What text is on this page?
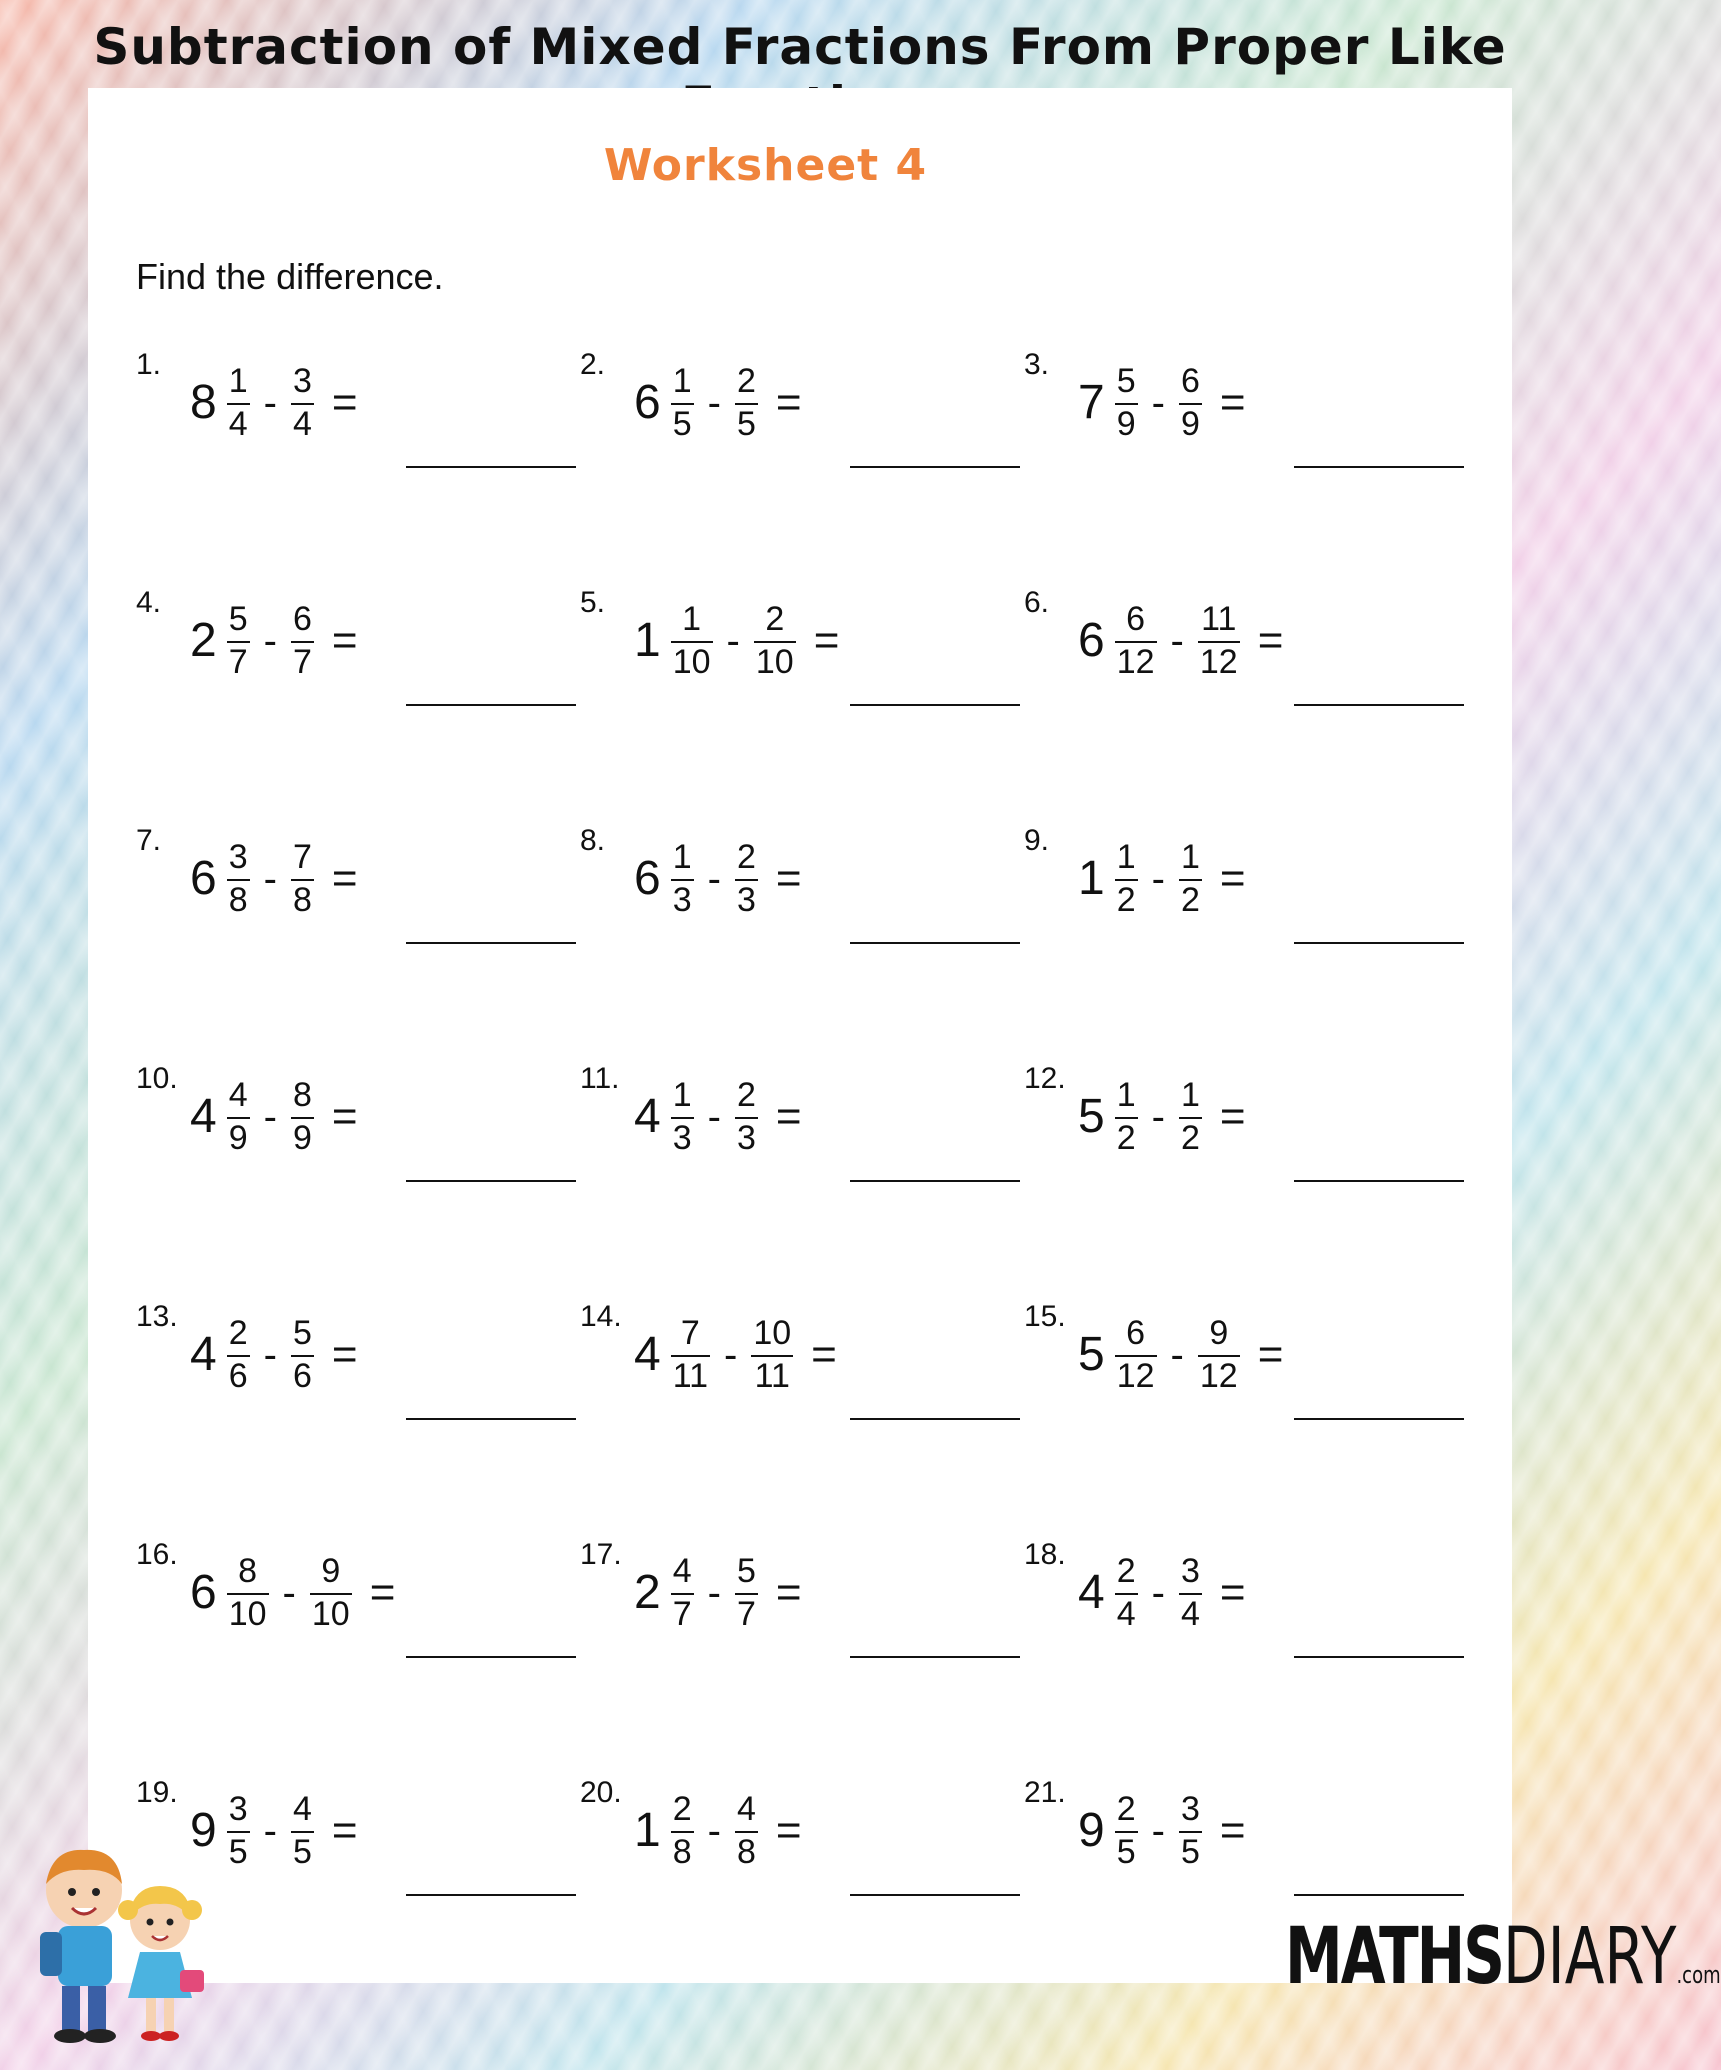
Subtraction of Mixed Fractions From Proper Like
Worksheet 4
Find the difference.
1.
$8 \frac{1}{4} - \frac{3}{4}$ =
2.
$6 \frac{1}{5} - \frac{2}{5}$ =
3.
$7 \frac{5}{9} - \frac{6}{9}$ =
4.
$2 \frac{5}{7} - \frac{6}{7}$ =
5.
$1 \frac{1}{10} - \frac{2}{10}$ =
6.
$6 \frac{6}{12} - \frac{11}{12}$ =
7.
$6 \frac{3}{8} - \frac{7}{8}$ =
8.
$6 \frac{1}{3} - \frac{2}{3}$ =
9.
$1 \frac{1}{2} - \frac{1}{2}$ =
10.
$4 \frac{4}{9} - \frac{8}{9}$ =
11.
$4 \frac{1}{3} - \frac{2}{3}$ =
12.
$5 \frac{1}{2} - \frac{1}{2}$ =
13.
$4 \frac{2}{6} - \frac{5}{6}$ =
14.
$4 \frac{7}{11} - \frac{10}{11}$ =
15.
$5 \frac{6}{12} - \frac{9}{12}$ =
16.
$6 \frac{8}{10} - \frac{9}{10}$ =
17.
$2 \frac{4}{7} - \frac{5}{7}$ =
18.
$4 \frac{2}{4} - \frac{3}{4}$ =
19.
$9 \frac{3}{5} - \frac{4}{5}$ =
20.
$1 \frac{2}{8} - \frac{4}{8}$ =
21.
$9 \frac{2}{5} - \frac{3}{5}$ =
MATHSDIARY.com
